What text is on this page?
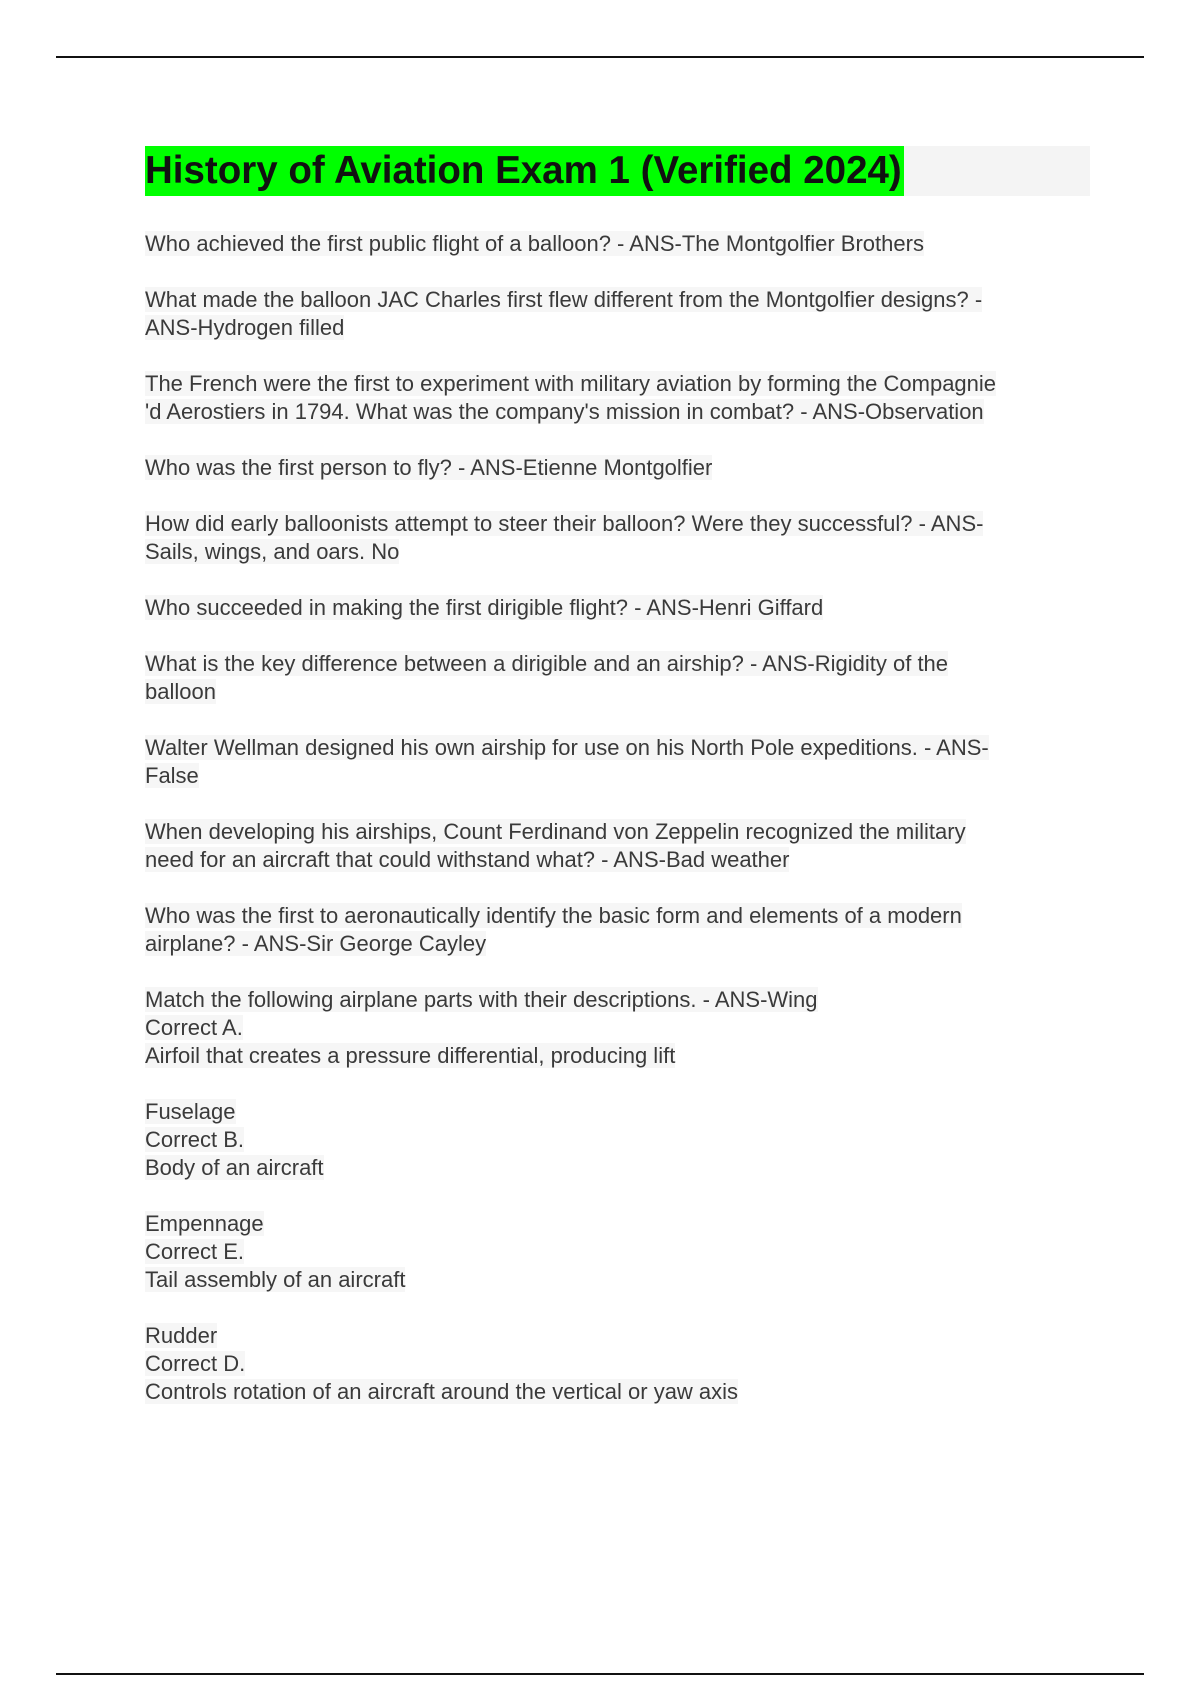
History of Aviation Exam 1 (Verified 2024)
Who achieved the first public flight of a balloon? - ANS-The Montgolfier Brothers
What made the balloon JAC Charles first flew different from the Montgolfier designs? -
ANS-Hydrogen filled
The French were the first to experiment with military aviation by forming the Compagnie
'd Aerostiers in 1794. What was the company's mission in combat? - ANS-Observation
Who was the first person to fly? - ANS-Etienne Montgolfier
How did early balloonists attempt to steer their balloon? Were they successful? - ANS-
Sails, wings, and oars. No
Who succeeded in making the first dirigible flight? - ANS-Henri Giffard
What is the key difference between a dirigible and an airship? - ANS-Rigidity of the
balloon
Walter Wellman designed his own airship for use on his North Pole expeditions. - ANS-
False
When developing his airships, Count Ferdinand von Zeppelin recognized the military
need for an aircraft that could withstand what? - ANS-Bad weather
Who was the first to aeronautically identify the basic form and elements of a modern
airplane? - ANS-Sir George Cayley
Match the following airplane parts with their descriptions. - ANS-Wing
Correct A.
Airfoil that creates a pressure differential, producing lift
Fuselage
Correct B.
Body of an aircraft
Empennage
Correct E.
Tail assembly of an aircraft
Rudder
Correct D.
Controls rotation of an aircraft around the vertical or yaw axis
